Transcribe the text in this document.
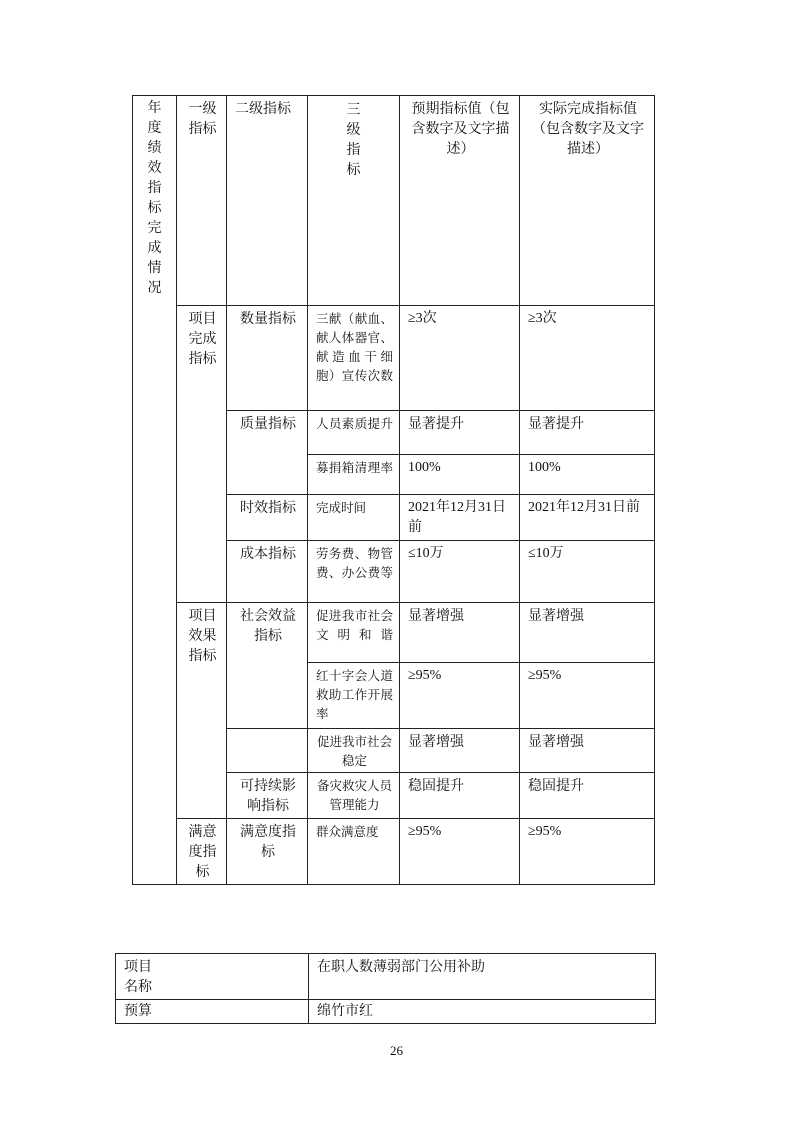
年度绩效指标完成情况	一级指标	二级指标	三级指标	预期指标值（包含数字及文字描述）	实际完成指标值（包含数字及文字描述）

	项目完成指标	数量指标	三献（献血、献人体器官、献造血干细胞）宣传次数	≥3次	≥3次

		质量指标	人员素质提升	显著提升	显著提升

			募捐箱清理率	100%	100%

		时效指标	完成时间	2021年12月31日前	2021年12月31日前

		成本指标	劳务费、物管费、办公费等	≤10万	≤10万

	项目效果指标	社会效益指标	促进我市社会文明和谐	显著增强	显著增强

			红十字会人道救助工作开展率	≥95%	≥95%

			促进我市社会稳定	显著增强	显著增强

		可持续影响指标	备灾救灾人员管理能力	稳固提升	稳固提升

	满意度指标	满意度指标	群众满意度	≥95%	≥95%
项目名称	在职人数薄弱部门公用补助

预算	绵竹市红
26
